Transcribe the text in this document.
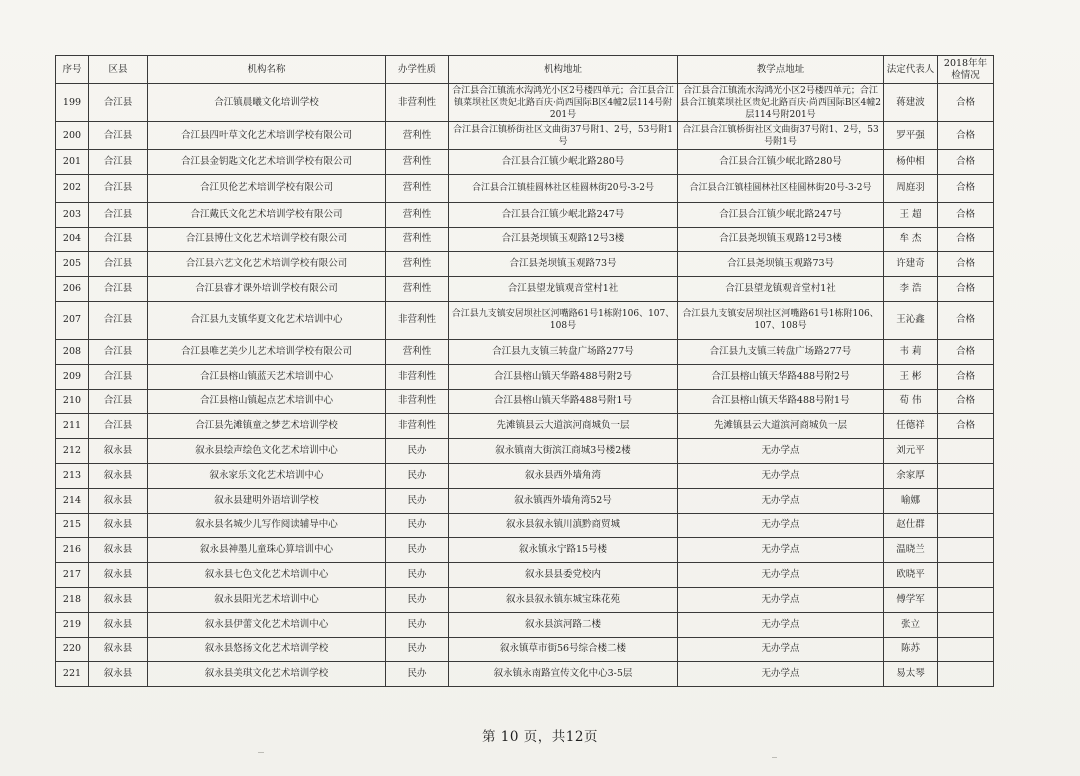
序号	区县	机构名称	办学性质	机构地址	教学点地址	法定代表人	2018年年检情况
199	合江县	合江镇晨曦文化培训学校	非营利性	合江县合江镇流水沟鸿光小区2号楼四单元；合江县合江镇菜坝社区贵妃北路百庆·尚西国际B区4幢2层114号附201号	合江县合江镇流水沟鸿光小区2号楼四单元；合江县合江镇菜坝社区贵妃北路百庆·尚西国际B区4幢2层114号附201号	蒋建波	合格
200	合江县	合江县四叶草文化艺术培训学校有限公司	营利性	合江县合江镇桥街社区文曲街37号附1、2号，53号附1号	合江县合江镇桥街社区文曲街37号附1、2号，53号附1号	罗平强	合格
201	合江县	合江县金钥匙文化艺术培训学校有限公司	营利性	合江县合江镇少岷北路280号	合江县合江镇少岷北路280号	杨仲相	合格
202	合江县	合江贝伦艺术培训学校有限公司	营利性	合江县合江镇桂圆林社区桂圆林街20号-3-2号	合江县合江镇桂圆林社区桂圆林街20号-3-2号	周庭羽	合格
203	合江县	合江戴氏文化艺术培训学校有限公司	营利性	合江县合江镇少岷北路247号	合江县合江镇少岷北路247号	王 超	合格
204	合江县	合江县博仕文化艺术培训学校有限公司	营利性	合江县尧坝镇玉观路12号3楼	合江县尧坝镇玉观路12号3楼	牟 杰	合格
205	合江县	合江县六艺文化艺术培训学校有限公司	营利性	合江县尧坝镇玉观路73号	合江县尧坝镇玉观路73号	许建奇	合格
206	合江县	合江县睿才课外培训学校有限公司	营利性	合江县望龙镇观音堂村1社	合江县望龙镇观音堂村1社	李 浩	合格
207	合江县	合江县九支镇华夏文化艺术培训中心	非营利性	合江县九支镇安居坝社区河嘴路61号1栋附106、107、108号	合江县九支镇安居坝社区河嘴路61号1栋附106、107、108号	王沁鑫	合格
208	合江县	合江县唯艺美少儿艺术培训学校有限公司	营利性	合江县九支镇三转盘广场路277号	合江县九支镇三转盘广场路277号	韦 莉	合格
209	合江县	合江县榕山镇蓝天艺术培训中心	非营利性	合江县榕山镇天华路488号附2号	合江县榕山镇天华路488号附2号	王 彬	合格
210	合江县	合江县榕山镇起点艺术培训中心	非营利性	合江县榕山镇天华路488号附1号	合江县榕山镇天华路488号附1号	荀 伟	合格
211	合江县	合江县先滩镇童之梦艺术培训学校	非营利性	先滩镇县云大道滨河商城负一层	先滩镇县云大道滨河商城负一层	任德祥	合格
212	叙永县	叙永县绘声绘色文化艺术培训中心	民办	叙永镇南大街滨江商城3号楼2楼	无办学点	刘元平	
213	叙永县	叙永家乐文化艺术培训中心	民办	叙永县西外墙角湾	无办学点	余家厚	
214	叙永县	叙永县建明外语培训学校	民办	叙永镇西外墙角湾52号	无办学点	喻娜	
215	叙永县	叙永县名城少儿写作阅读辅导中心	民办	叙永县叙永镇川滇黔商贸城	无办学点	赵仕群	
216	叙永县	叙永县神墨儿童珠心算培训中心	民办	叙永镇永宁路15号楼	无办学点	温晓兰	
217	叙永县	叙永县七色文化艺术培训中心	民办	叙永县县委党校内	无办学点	欧晓平	
218	叙永县	叙永县阳光艺术培训中心	民办	叙永县叙永镇东城宝珠花苑	无办学点	傅学军	
219	叙永县	叙永县伊蕾文化艺术培训中心	民办	叙永县滨河路二楼	无办学点	张立	
220	叙永县	叙永县悠扬文化艺术培训学校	民办	叙永镇草市街56号综合楼二楼	无办学点	陈苏	
221	叙永县	叙永县美琪文化艺术培训学校	民办	叙永镇永南路宣传文化中心3-5层	无办学点	易太琴	
第 10 页，共12页
